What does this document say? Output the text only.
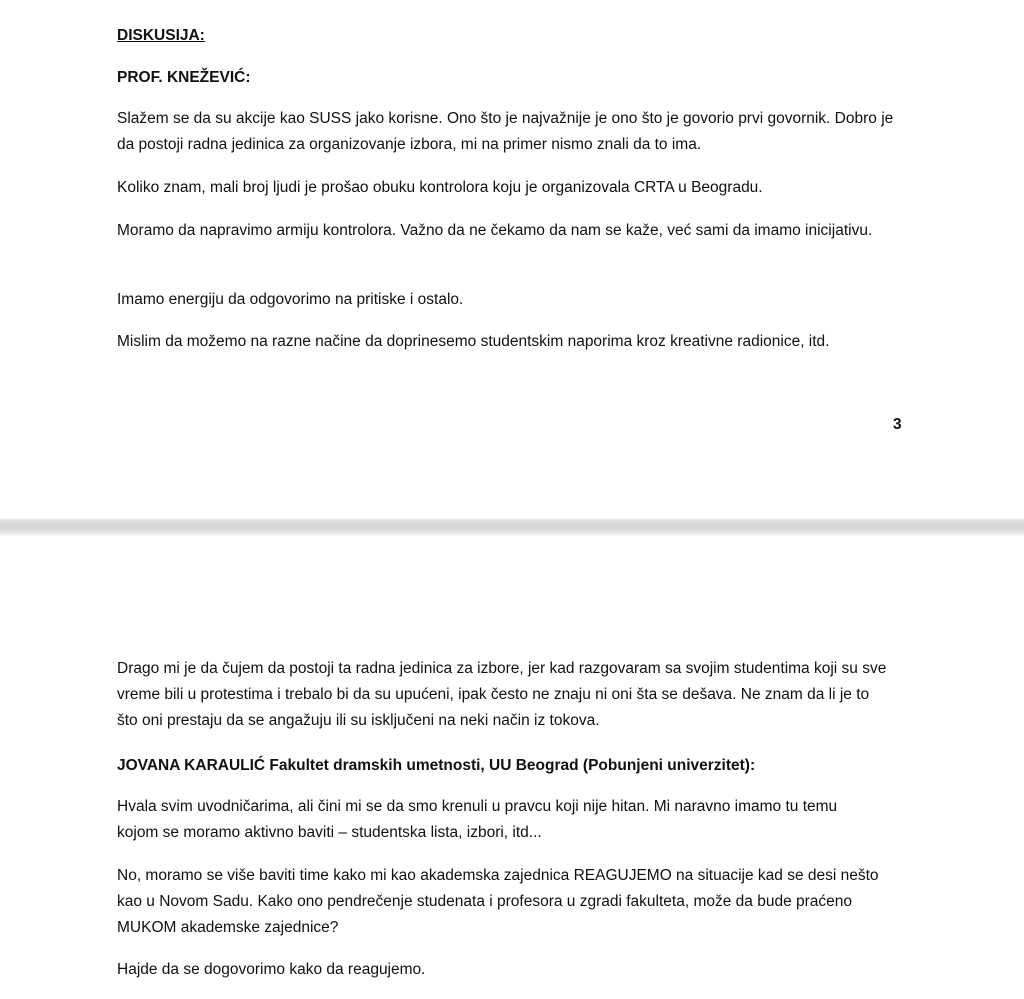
DISKUSIJA:

PROF. KNEŽEVIĆ:

Slažem se da su akcije kao SUSS jako korisne. Ono što je najvažnije je ono što je govorio prvi govornik. Dobro je da postoji radna jedinica za organizovanje izbora, mi na primer nismo znali da to ima.

Koliko znam, mali broj ljudi je prošao obuku kontrolora koju je organizovala CRTA u Beogradu.

Moramo da napravimo armiju kontrolora. Važno da ne čekamo da nam se kaže, već sami da imamo inicijativu.

Imamo energiju da odgovorimo na pritiske i ostalo.

Mislim da možemo na razne načine da doprinesemo studentskim naporima kroz kreativne radionice, itd.

3

Drago mi je da čujem da postoji ta radna jedinica za izbore, jer kad razgovaram sa svojim studentima koji su sve vreme bili u protestima i trebalo bi da su upućeni, ipak često ne znaju ni oni šta se dešava. Ne znam da li je to što oni prestaju da se angažuju ili su isključeni na neki način iz tokova.

JOVANA KARAULIĆ Fakultet dramskih umetnosti, UU Beograd (Pobunjeni univerzitet):

Hvala svim uvodničarima, ali čini mi se da smo krenuli u pravcu koji nije hitan. Mi naravno imamo tu temu kojom se moramo aktivno baviti – studentska lista, izbori, itd...

No, moramo se više baviti time kako mi kao akademska zajednica REAGUJEMO na situacije kad se desi nešto kao u Novom Sadu. Kako ono pendrečenje studenata i profesora u zgradi fakulteta, može da bude praćeno MUKOM akademske zajednice?

Hajde da se dogovorimo kako da reagujemo.
